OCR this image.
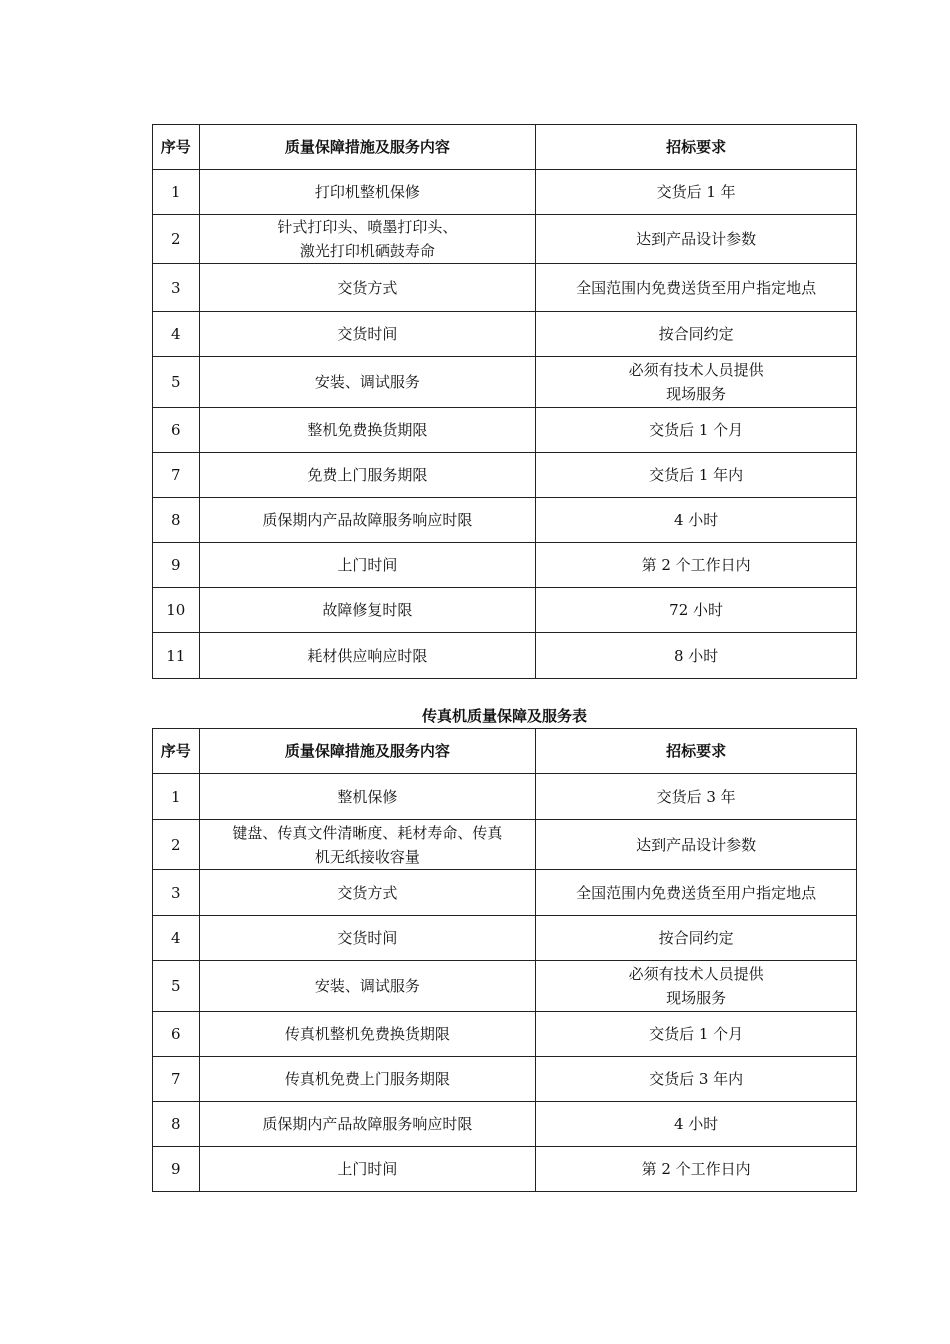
序号	质量保障措施及服务内容	招标要求
1	打印机整机保修	交货后 1 年

2	针式打印头、喷墨打印头、
激光打印机硒鼓寿命	达到产品设计参数

3	交货方式	全国范围内免费送货至用户指定地点

4	交货时间	按合同约定

5	安装、调试服务	必须有技术人员提供
现场服务

6	整机免费换货期限	交货后 1 个月

7	免费上门服务期限	交货后 1 年内

8	质保期内产品故障服务响应时限	4 小时

9	上门时间	第 2 个工作日内

10	故障修复时限	72 小时

11	耗材供应响应时限	8 小时
传真机质量保障及服务表
序号	质量保障措施及服务内容	招标要求
1	整机保修	交货后 3 年

2	键盘、传真文件清晰度、耗材寿命、传真
机无纸接收容量	达到产品设计参数

3	交货方式	全国范围内免费送货至用户指定地点

4	交货时间	按合同约定

5	安装、调试服务	必须有技术人员提供
现场服务

6	传真机整机免费换货期限	交货后 1 个月

7	传真机免费上门服务期限	交货后 3 年内

8	质保期内产品故障服务响应时限	4 小时

9	上门时间	第 2 个工作日内
